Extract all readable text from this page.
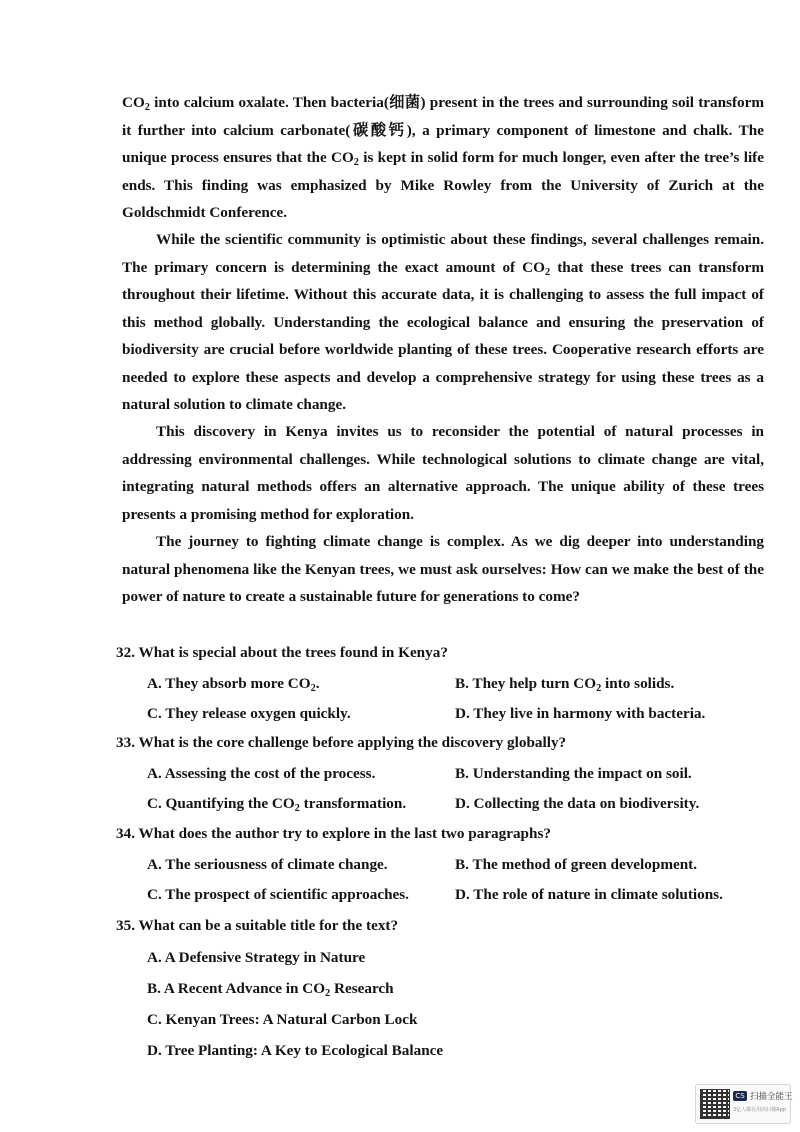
$CO_2$ into calcium oxalate. Then bacteria(细菌) present in the trees and surrounding soil transform it further into calcium carbonate(碳酸钙), a primary component of limestone and chalk. The unique process ensures that the $CO_2$ is kept in solid form for much longer, even after the tree’s life ends. This finding was emphasized by Mike Rowley from the University of Zurich at the Goldschmidt Conference.

While the scientific community is optimistic about these findings, several challenges remain. The primary concern is determining the exact amount of $CO_2$ that these trees can transform throughout their lifetime. Without this accurate data, it is challenging to assess the full impact of this method globally. Understanding the ecological balance and ensuring the preservation of biodiversity are crucial before worldwide planting of these trees. Cooperative research efforts are needed to explore these aspects and develop a comprehensive strategy for using these trees as a natural solution to climate change.

This discovery in Kenya invites us to reconsider the potential of natural processes in addressing environmental challenges. While technological solutions to climate change are vital, integrating natural methods offers an alternative approach. The unique ability of these trees presents a promising method for exploration.

The journey to fighting climate change is complex. As we dig deeper into understanding natural phenomena like the Kenyan trees, we must ask ourselves: How can we make the best of the power of nature to create a sustainable future for generations to come?

32. What is special about the trees found in Kenya?

A. They absorb more $CO_2$.	B. They help turn $CO_2$ into solids.

C. They release oxygen quickly.	D. They live in harmony with bacteria.

33. What is the core challenge before applying the discovery globally?

A. Assessing the cost of the process.	B. Understanding the impact on soil.

C. Quantifying the $CO_2$ transformation.	D. Collecting the data on biodiversity.

34. What does the author try to explore in the last two paragraphs?

A. The seriousness of climate change.	B. The method of green development.

C. The prospect of scientific approaches.	D. The role of nature in climate solutions.

35. What can be a suitable title for the text?

A. A Defensive Strategy in Nature

B. A Recent Advance in $CO_2$ Research

C. Kenyan Trees: A Natural Carbon Lock

D. Tree Planting: A Key to Ecological Balance

CS 扫描全能王
3亿人都在用的扫描App
